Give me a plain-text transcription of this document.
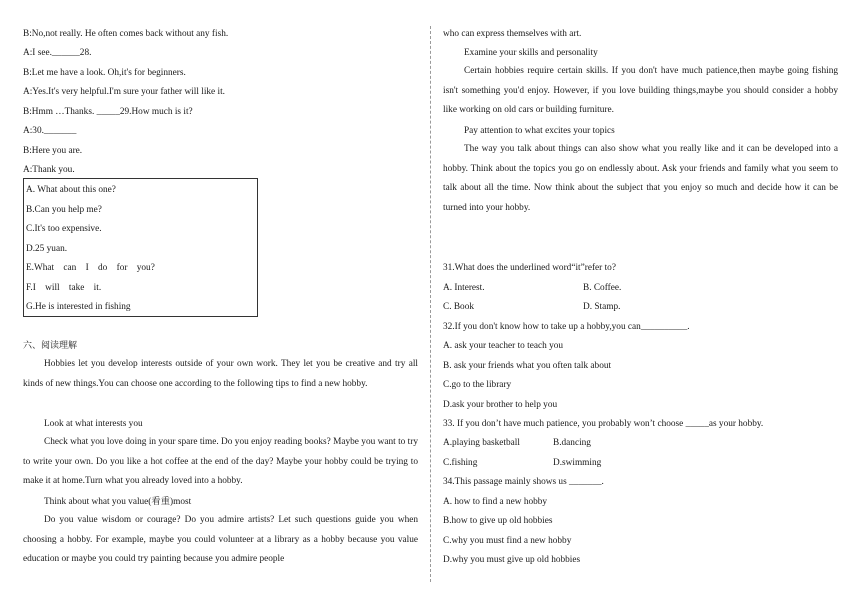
B:No,not really. He often comes back without any fish.
A:I see.______28.
B:Let me have a look. Oh,it's for beginners.
A:Yes.It's very helpful.I'm sure your father will like it.
B:Hmm …Thanks. _____29.How much is it?
A:30._______
B:Here you are.
A:Thank you.
A. What about this one?
B.Can you help me?
C.It's too expensive.
D.25 yuan.
E.What    can    I    do    for    you?
F.I    will    take    it.
G.He is interested in fishing
六、阅读理解
Hobbies let you develop interests outside of your own work. They let you be creative and try all kinds of new things.You can choose one according to the following tips to find a new hobby.
Look at what interests you
Check what you love doing in your spare time. Do you enjoy reading books? Maybe you want to try to write your own. Do you like a hot coffee at the end of the day? Maybe your hobby could be trying to make it at home.Turn what you already loved into a hobby.
Think about what you value(看重)most
Do you value wisdom or courage? Do you admire artists? Let such questions guide you when choosing a hobby. For example, maybe you could volunteer at a library as a hobby because you value education or maybe you could try painting because you admire people
who can express themselves with art.
Examine your skills and personality
Certain hobbies require certain skills. If you don't have much patience,then maybe going fishing isn't something you'd enjoy. However, if you love building things,maybe you should consider a hobby like working on old cars or building furniture.
Pay attention to what excites your topics
The way you talk about things can also show what you really like and it can be developed into a hobby. Think about the topics you go on endlessly about. Ask your friends and family what you seem to talk about all the time. Now think about the subject that you enjoy so much and decide how it can be turned into your hobby.
31.What does the underlined word“it”refer to?
A. Interest.	B. Coffee.
C. Book	D. Stamp.
32.If you don't know how to take up a hobby,you can__________.
A. ask your teacher to teach you
B. ask your friends what you often talk about
C.go to the library
D.ask your brother to help you
33. If you don’t have much patience, you probably won’t choose _____as your hobby.
A.playing basketball	B.dancing
C.fishing	D.swimming
34.This passage mainly shows us _______.
A. how to find a new hobby
B.how to give up old hobbies
C.why you must find a new hobby
D.why you must give up old hobbies
